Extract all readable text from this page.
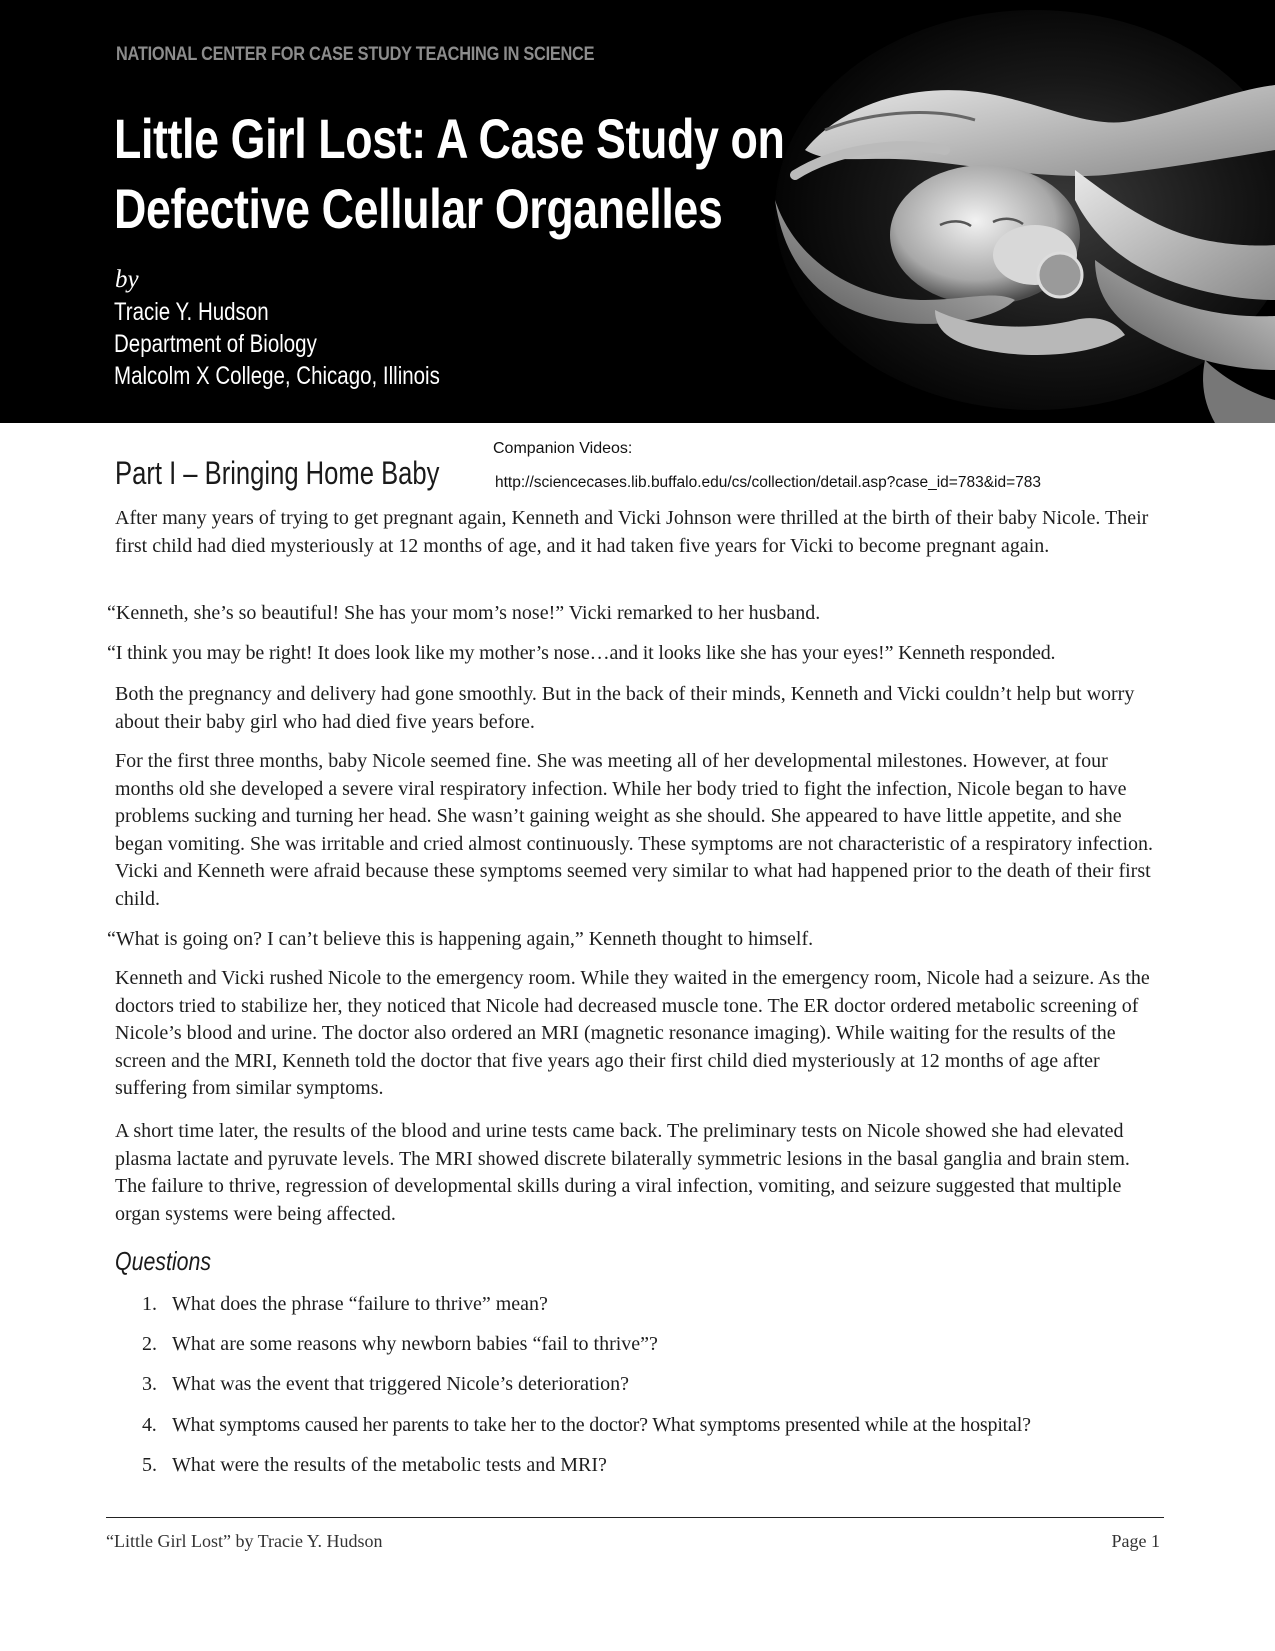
NATIONAL CENTER FOR CASE STUDY TEACHING IN SCIENCE
Little Girl Lost: A Case Study on
Defective Cellular Organelles
by
Tracie Y. Hudson
Department of Biology
Malcolm X College, Chicago, Illinois
Part I – Bringing Home Baby
Companion Videos:
http://sciencecases.lib.buffalo.edu/cs/collection/detail.asp?case_id=783&id=783

After many years of trying to get pregnant again, Kenneth and Vicki Johnson were thrilled at the birth of their baby Nicole. Their first child had died mysteriously at 12 months of age, and it had taken five years for Vicki to become pregnant again.

“Kenneth, she’s so beautiful! She has your mom’s nose!” Vicki remarked to her husband.

“I think you may be right! It does look like my mother’s nose…and it looks like she has your eyes!” Kenneth responded.

Both the pregnancy and delivery had gone smoothly. But in the back of their minds, Kenneth and Vicki couldn’t help but worry about their baby girl who had died five years before.

For the first three months, baby Nicole seemed fine. She was meeting all of her developmental milestones. However, at four months old she developed a severe viral respiratory infection. While her body tried to fight the infection, Nicole began to have problems sucking and turning her head. She wasn’t gaining weight as she should. She appeared to have little appetite, and she began vomiting. She was irritable and cried almost continuously. These symptoms are not characteristic of a respiratory infection. Vicki and Kenneth were afraid because these symptoms seemed very similar to what had happened prior to the death of their first child.

“What is going on? I can’t believe this is happening again,” Kenneth thought to himself.

Kenneth and Vicki rushed Nicole to the emergency room. While they waited in the emergency room, Nicole had a seizure. As the doctors tried to stabilize her, they noticed that Nicole had decreased muscle tone. The ER doctor ordered metabolic screening of Nicole’s blood and urine. The doctor also ordered an MRI (magnetic resonance imaging). While waiting for the results of the screen and the MRI, Kenneth told the doctor that five years ago their first child died mysteriously at 12 months of age after suffering from similar symptoms.

A short time later, the results of the blood and urine tests came back. The preliminary tests on Nicole showed she had elevated plasma lactate and pyruvate levels. The MRI showed discrete bilaterally symmetric lesions in the basal ganglia and brain stem. The failure to thrive, regression of developmental skills during a viral infection, vomiting, and seizure suggested that multiple organ systems were being affected.

Questions
1. What does the phrase “failure to thrive” mean?
2. What are some reasons why newborn babies “fail to thrive”?
3. What was the event that triggered Nicole’s deterioration?
4. What symptoms caused her parents to take her to the doctor? What symptoms presented while at the hospital?
5. What were the results of the metabolic tests and MRI?
“Little Girl Lost” by Tracie Y. Hudson	Page 1
